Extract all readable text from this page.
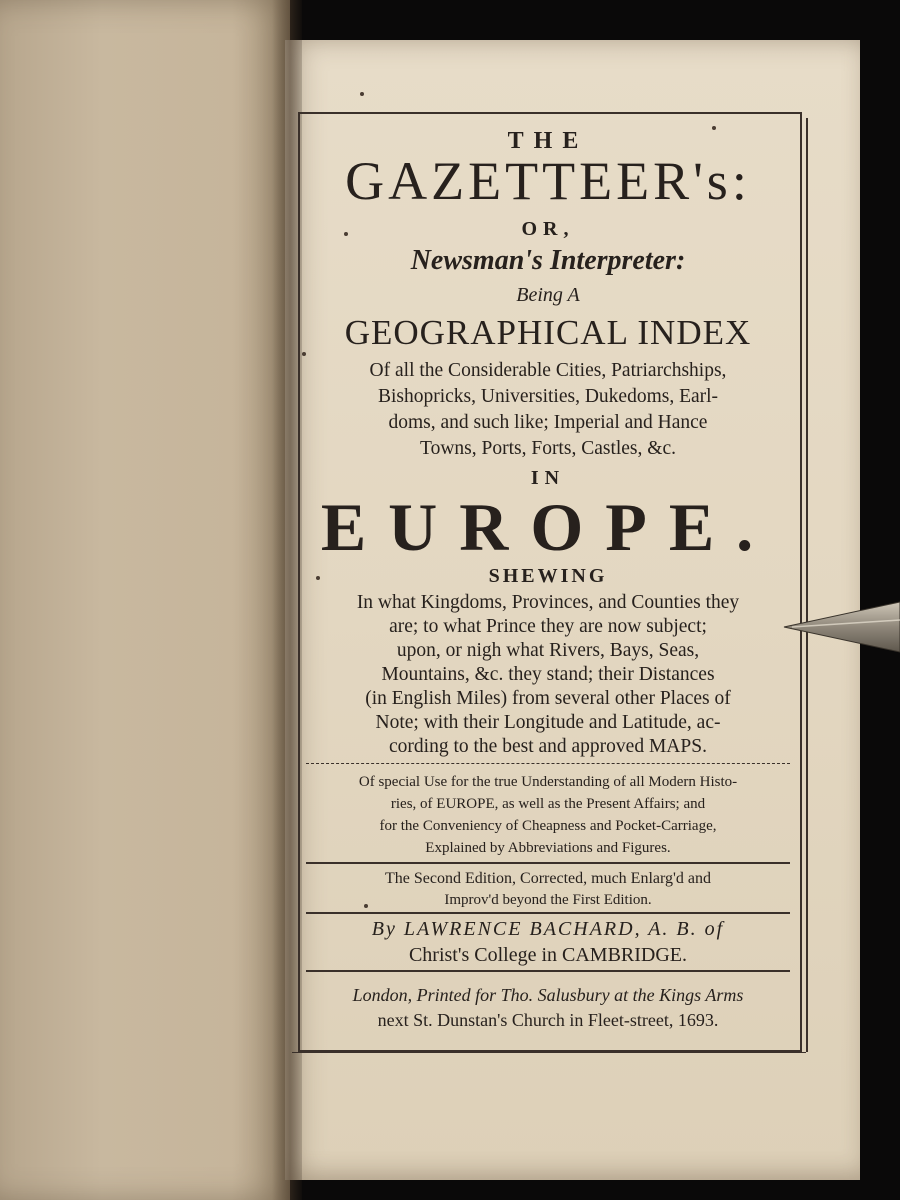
THE
GAZETTEER's:
OR,
Newsman's Interpreter:
Being A
GEOGRAPHICAL INDEX
Of all the Considerable Cities, Patriarchships,
Bishopricks, Universities, Dukedoms, Earl-
doms, and such like; Imperial and Hance
Towns, Ports, Forts, Castles, &c.
IN
EUROPE.
SHEWING
In what Kingdoms, Provinces, and Counties they
are; to what Prince they are now subject;
upon, or nigh what Rivers, Bays, Seas,
Mountains, &c. they stand; their Distances
(in English Miles) from several other Places of
Note; with their Longitude and Latitude, ac-
cording to the best and approved MAPS.
Of special Use for the true Understanding of all Modern Histo-
ries, of EUROPE, as well as the Present Affairs; and
for the Conveniency of Cheapness and Pocket-Carriage,
Explained by Abbreviations and Figures.
The Second Edition, Corrected, much Enlarg'd and
Improv'd beyond the First Edition.
By LAWRENCE BACHARD, A. B. of
Christ's College in CAMBRIDGE.
London, Printed for Tho. Salusbury at the Kings Arms
next St. Dunstan's Church in Fleet-street, 1693.
